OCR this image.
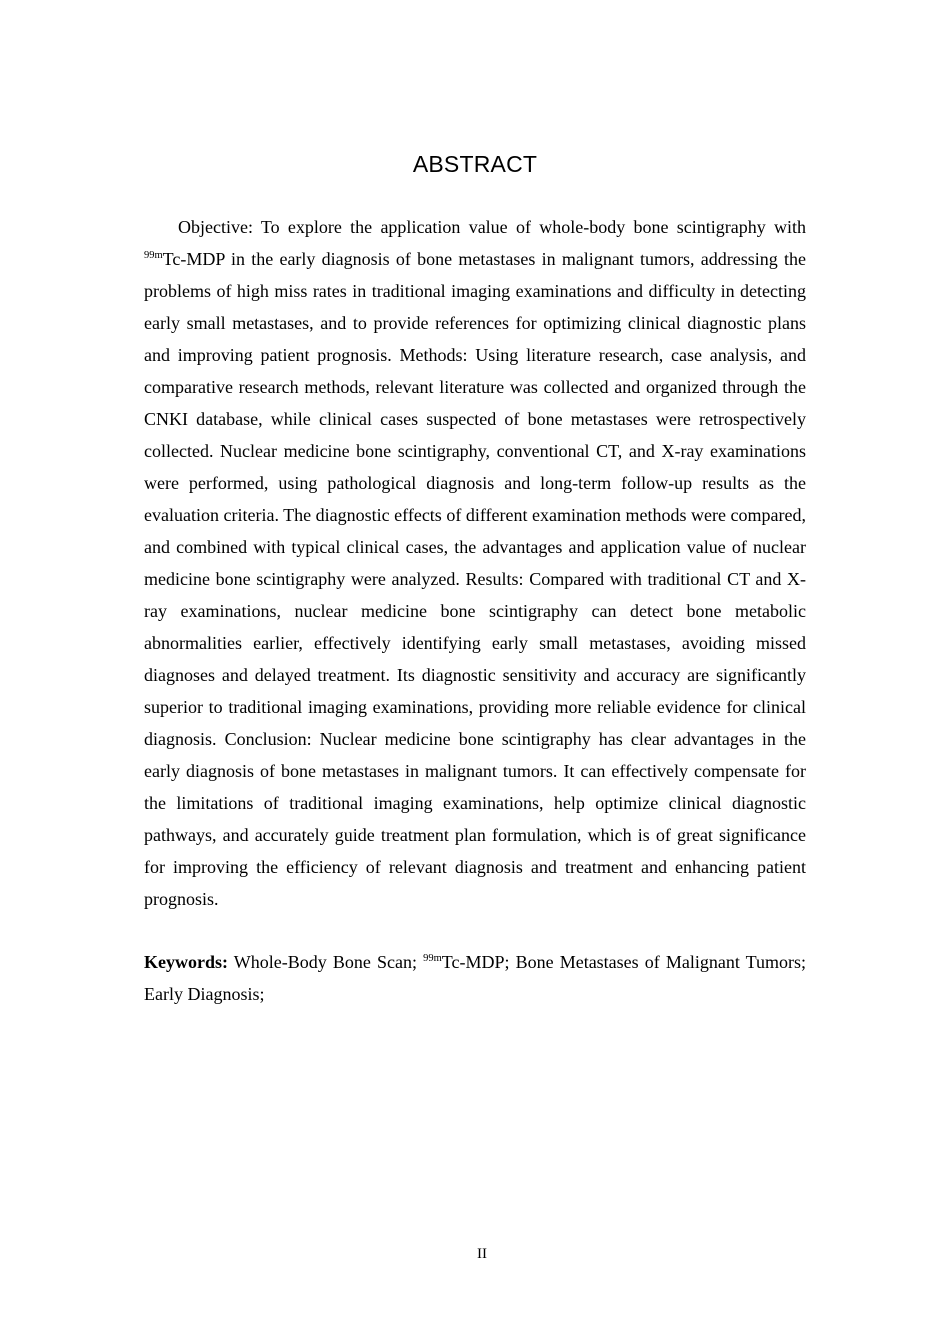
ABSTRACT

Objective: To explore the application value of whole-body bone scintigraphy with $^{99m}$Tc-MDP in the early diagnosis of bone metastases in malignant tumors, addressing the problems of high miss rates in traditional imaging examinations and difficulty in detecting early small metastases, and to provide references for optimizing clinical diagnostic plans and improving patient prognosis. Methods: Using literature research, case analysis, and comparative research methods, relevant literature was collected and organized through the CNKI database, while clinical cases suspected of bone metastases were retrospectively collected. Nuclear medicine bone scintigraphy, conventional CT, and X-ray examinations were performed, using pathological diagnosis and long-term follow-up results as the evaluation criteria. The diagnostic effects of different examination methods were compared, and combined with typical clinical cases, the advantages and application value of nuclear medicine bone scintigraphy were analyzed. Results: Compared with traditional CT and X-ray examinations, nuclear medicine bone scintigraphy can detect bone metabolic abnormalities earlier, effectively identifying early small metastases, avoiding missed diagnoses and delayed treatment. Its diagnostic sensitivity and accuracy are significantly superior to traditional imaging examinations, providing more reliable evidence for clinical diagnosis. Conclusion: Nuclear medicine bone scintigraphy has clear advantages in the early diagnosis of bone metastases in malignant tumors. It can effectively compensate for the limitations of traditional imaging examinations, help optimize clinical diagnostic pathways, and accurately guide treatment plan formulation, which is of great significance for improving the efficiency of relevant diagnosis and treatment and enhancing patient prognosis.

Keywords: Whole-Body Bone Scan; $^{99m}$Tc-MDP; Bone Metastases of Malignant Tumors; Early Diagnosis;

II
